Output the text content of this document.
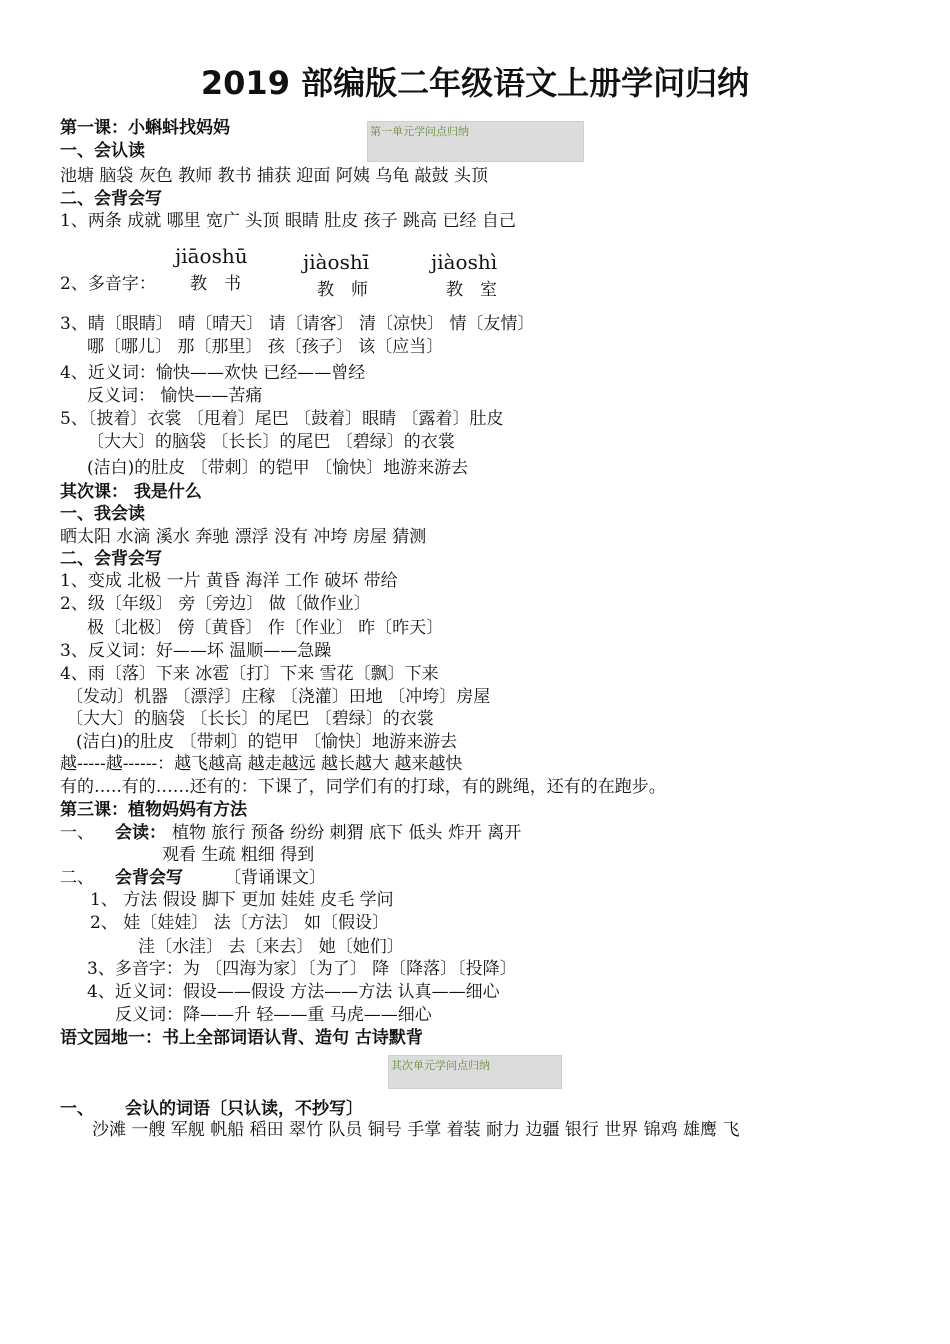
2019 部编版二年级语文上册学问归纳
第一单元学问点归纳
第一课：小蝌蚪找妈妈
一、会认读
池塘 脑袋 灰色 教师 教书 捕获 迎面 阿姨 乌龟 敲鼓 头顶
二、会背会写
1、两条 成就 哪里 宽广 头顶 眼睛 肚皮 孩子 跳高 已经 自己
jiāoshū	jiàoshī	jiàoshì
2、多音字： 教　书	教　师	教　室
3、睛〔眼睛〕 晴〔晴天〕 请〔请客〕 清〔凉快〕 情〔友情〕
哪〔哪儿〕 那〔那里〕 孩〔孩子〕 该〔应当〕
4、近义词：愉快——欢快 已经——曾经
反义词： 愉快——苦痛
5、〔披着〕衣裳 〔甩着〕尾巴 〔鼓着〕眼睛 〔露着〕肚皮
〔大大〕的脑袋 〔长长〕的尾巴 〔碧绿〕的衣裳
(洁白)的肚皮 〔带刺〕的铠甲 〔愉快〕地游来游去
其次课： 我是什么
一、我会读
晒太阳 水滴 溪水 奔驰 漂浮 没有 冲垮 房屋 猜测
二、会背会写
1、变成 北极 一片 黄昏 海洋 工作 破坏 带给
2、级〔年级〕 旁〔旁边〕 做〔做作业〕
极〔北极〕 傍〔黄昏〕 作〔作业〕 昨〔昨天〕
3、反义词：好——坏 温顺——急躁
4、雨〔落〕下来 冰雹〔打〕下来 雪花〔飘〕下来
〔发动〕机器 〔漂浮〕庄稼 〔浇灌〕田地 〔冲垮〕房屋
〔大大〕的脑袋 〔长长〕的尾巴 〔碧绿〕的衣裳
(洁白)的肚皮 〔带刺〕的铠甲 〔愉快〕地游来游去
越-----越------：越飞越高 越走越远 越长越大 越来越快
有的…..有的……还有的：下课了，同学们有的打球，有的跳绳，还有的在跑步。
第三课：植物妈妈有方法
一、 会读： 植物 旅行 预备 纷纷 刺猬 底下 低头 炸开 离开
观看 生疏 粗细 得到
二、 会背会写 〔背诵课文〕
1、 方法 假设 脚下 更加 娃娃 皮毛 学问
2、 娃〔娃娃〕 法〔方法〕 如〔假设〕
洼〔水洼〕 去〔来去〕 她〔她们〕
3、多音字：为 〔四海为家〕〔为了〕 降〔降落〕〔投降〕
4、近义词：假设——假设 方法——方法 认真——细心
反义词：降——升 轻——重 马虎——细心
语文园地一：书上全部词语认背、造句 古诗默背
其次单元学问点归纳
一、 会认的词语〔只认读，不抄写〕
沙滩 一艘 军舰 帆船 稻田 翠竹 队员 铜号 手掌 着装 耐力 边疆 银行 世界 锦鸡 雄鹰 飞
